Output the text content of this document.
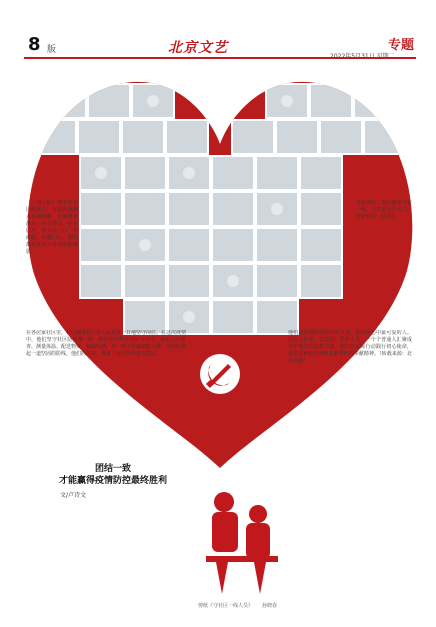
8 版	北京文艺	专题
（上接1版）楼宇在社区隔离点，在社区隔离点检测核酸，在隔离检测点，在居委会，在社区里，在小区门口，在商超，在楼门口，到处都是社区工作者们的身影。
无论何时，我们都坚守在一线，守护好社区大门，守护好每一位居民。
在各居家社区里，社区服务站工作人员日复一日地坚守岗位。在这次疫情中，他们坚守社区防控第一线，用行动诠释着责任与担当。他们入户排查、测量体温、配送物资、核酸检测，每一项工作都细致入微，为居民筑起一道坚固的防线。他们的付出，换来了社区的平安与稳定。
他们是疫情防控的中坚力量，是居民心中最可爱的人。社区工作者、志愿者、医护人员，一个个普通人汇聚成守护城市的温暖力量。他们以实际行动践行初心使命，用责任和担当诠释着新时代的奉献精神。（转载来源：北京日报）
团结一致
才能赢得疫情防控最终胜利
文/卢诗文
剪纸《守社区一线人员》 孙晓春
